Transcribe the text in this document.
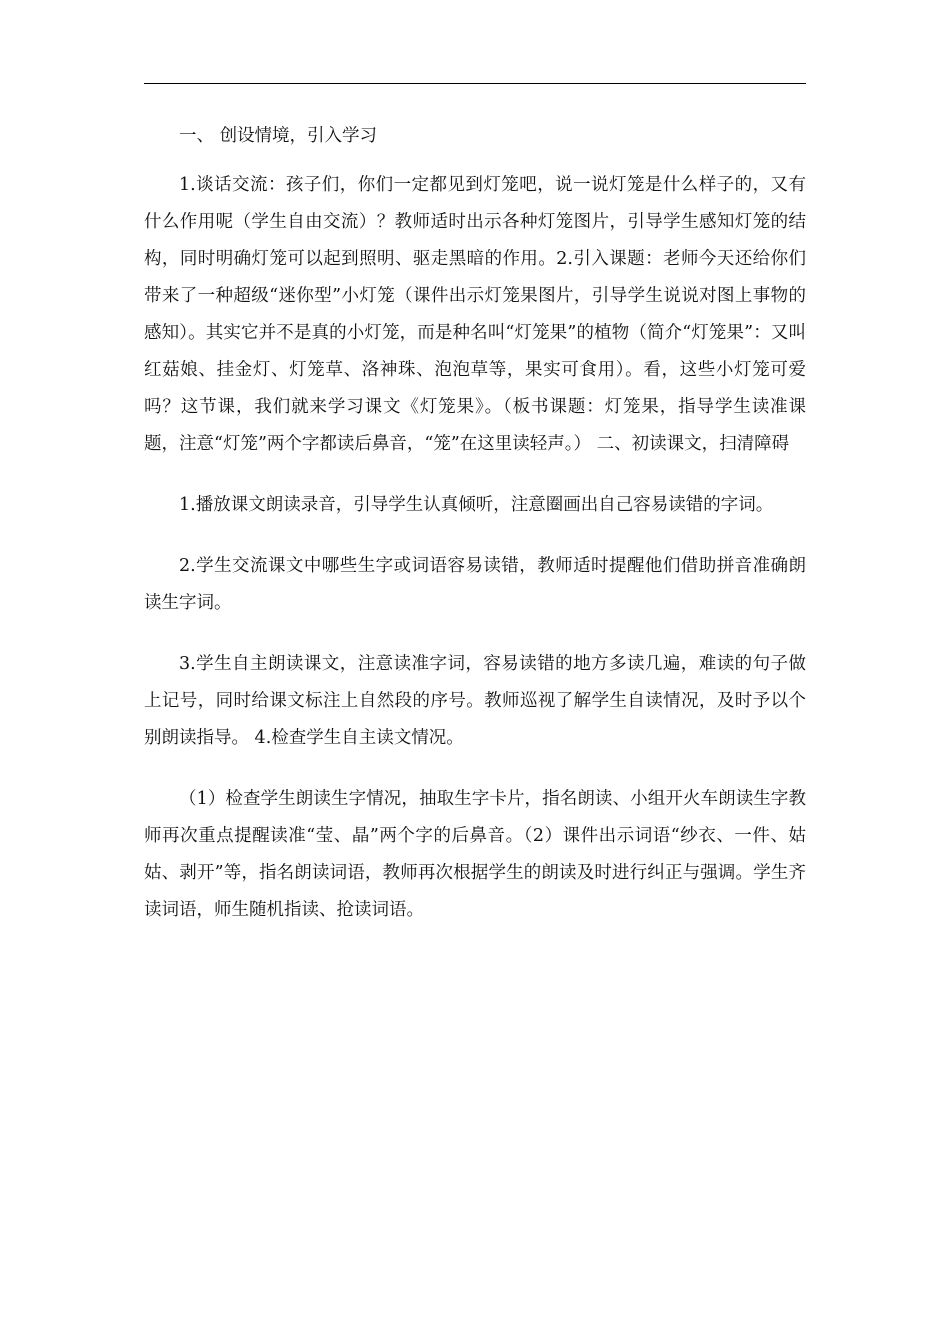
一、 创设情境，引入学习

1.谈话交流：孩子们，你们一定都见到灯笼吧，说一说灯笼是什么样子的，又有什么作用呢（学生自由交流）？教师适时出示各种灯笼图片，引导学生感知灯笼的结构，同时明确灯笼可以起到照明、驱走黑暗的作用。2.引入课题：老师今天还给你们带来了一种超级“迷你型”小灯笼（课件出示灯笼果图片，引导学生说说对图上事物的感知）。其实它并不是真的小灯笼，而是种名叫“灯笼果”的植物（简介“灯笼果”：又叫红菇娘、挂金灯、灯笼草、洛神珠、泡泡草等，果实可食用）。看，这些小灯笼可爱吗？这节课，我们就来学习课文《灯笼果》。（板书课题：灯笼果，指导学生读准课题，注意“灯笼”两个字都读后鼻音，“笼”在这里读轻声。） 二、初读课文，扫清障碍

1.播放课文朗读录音，引导学生认真倾听，注意圈画出自己容易读错的字词。

2.学生交流课文中哪些生字或词语容易读错，教师适时提醒他们借助拼音准确朗读生字词。

3.学生自主朗读课文，注意读准字词，容易读错的地方多读几遍，难读的句子做上记号，同时给课文标注上自然段的序号。教师巡视了解学生自读情况，及时予以个别朗读指导。 4.检查学生自主读文情况。

（1）检查学生朗读生字情况，抽取生字卡片，指名朗读、小组开火车朗读生字教师再次重点提醒读准“莹、晶”两个字的后鼻音。（2）课件出示词语“纱衣、一件、姑姑、剥开”等，指名朗读词语，教师再次根据学生的朗读及时进行纠正与强调。学生齐读词语，师生随机指读、抢读词语。
